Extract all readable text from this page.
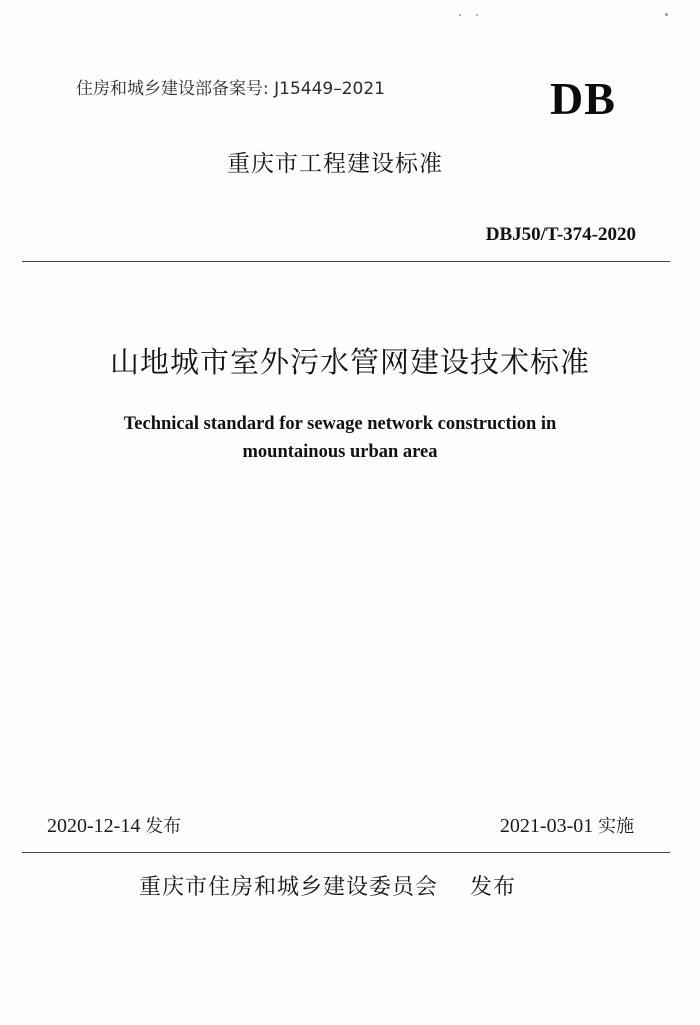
住房和城乡建设部备案号: J15449–2021	DB
重庆市工程建设标准
DBJ50/T-374-2020
山地城市室外污水管网建设技术标准
Technical standard for sewage network construction in
mountainous urban area
2020-12-14 发布	2021-03-01 实施
重庆市住房和城乡建设委员会 发布
